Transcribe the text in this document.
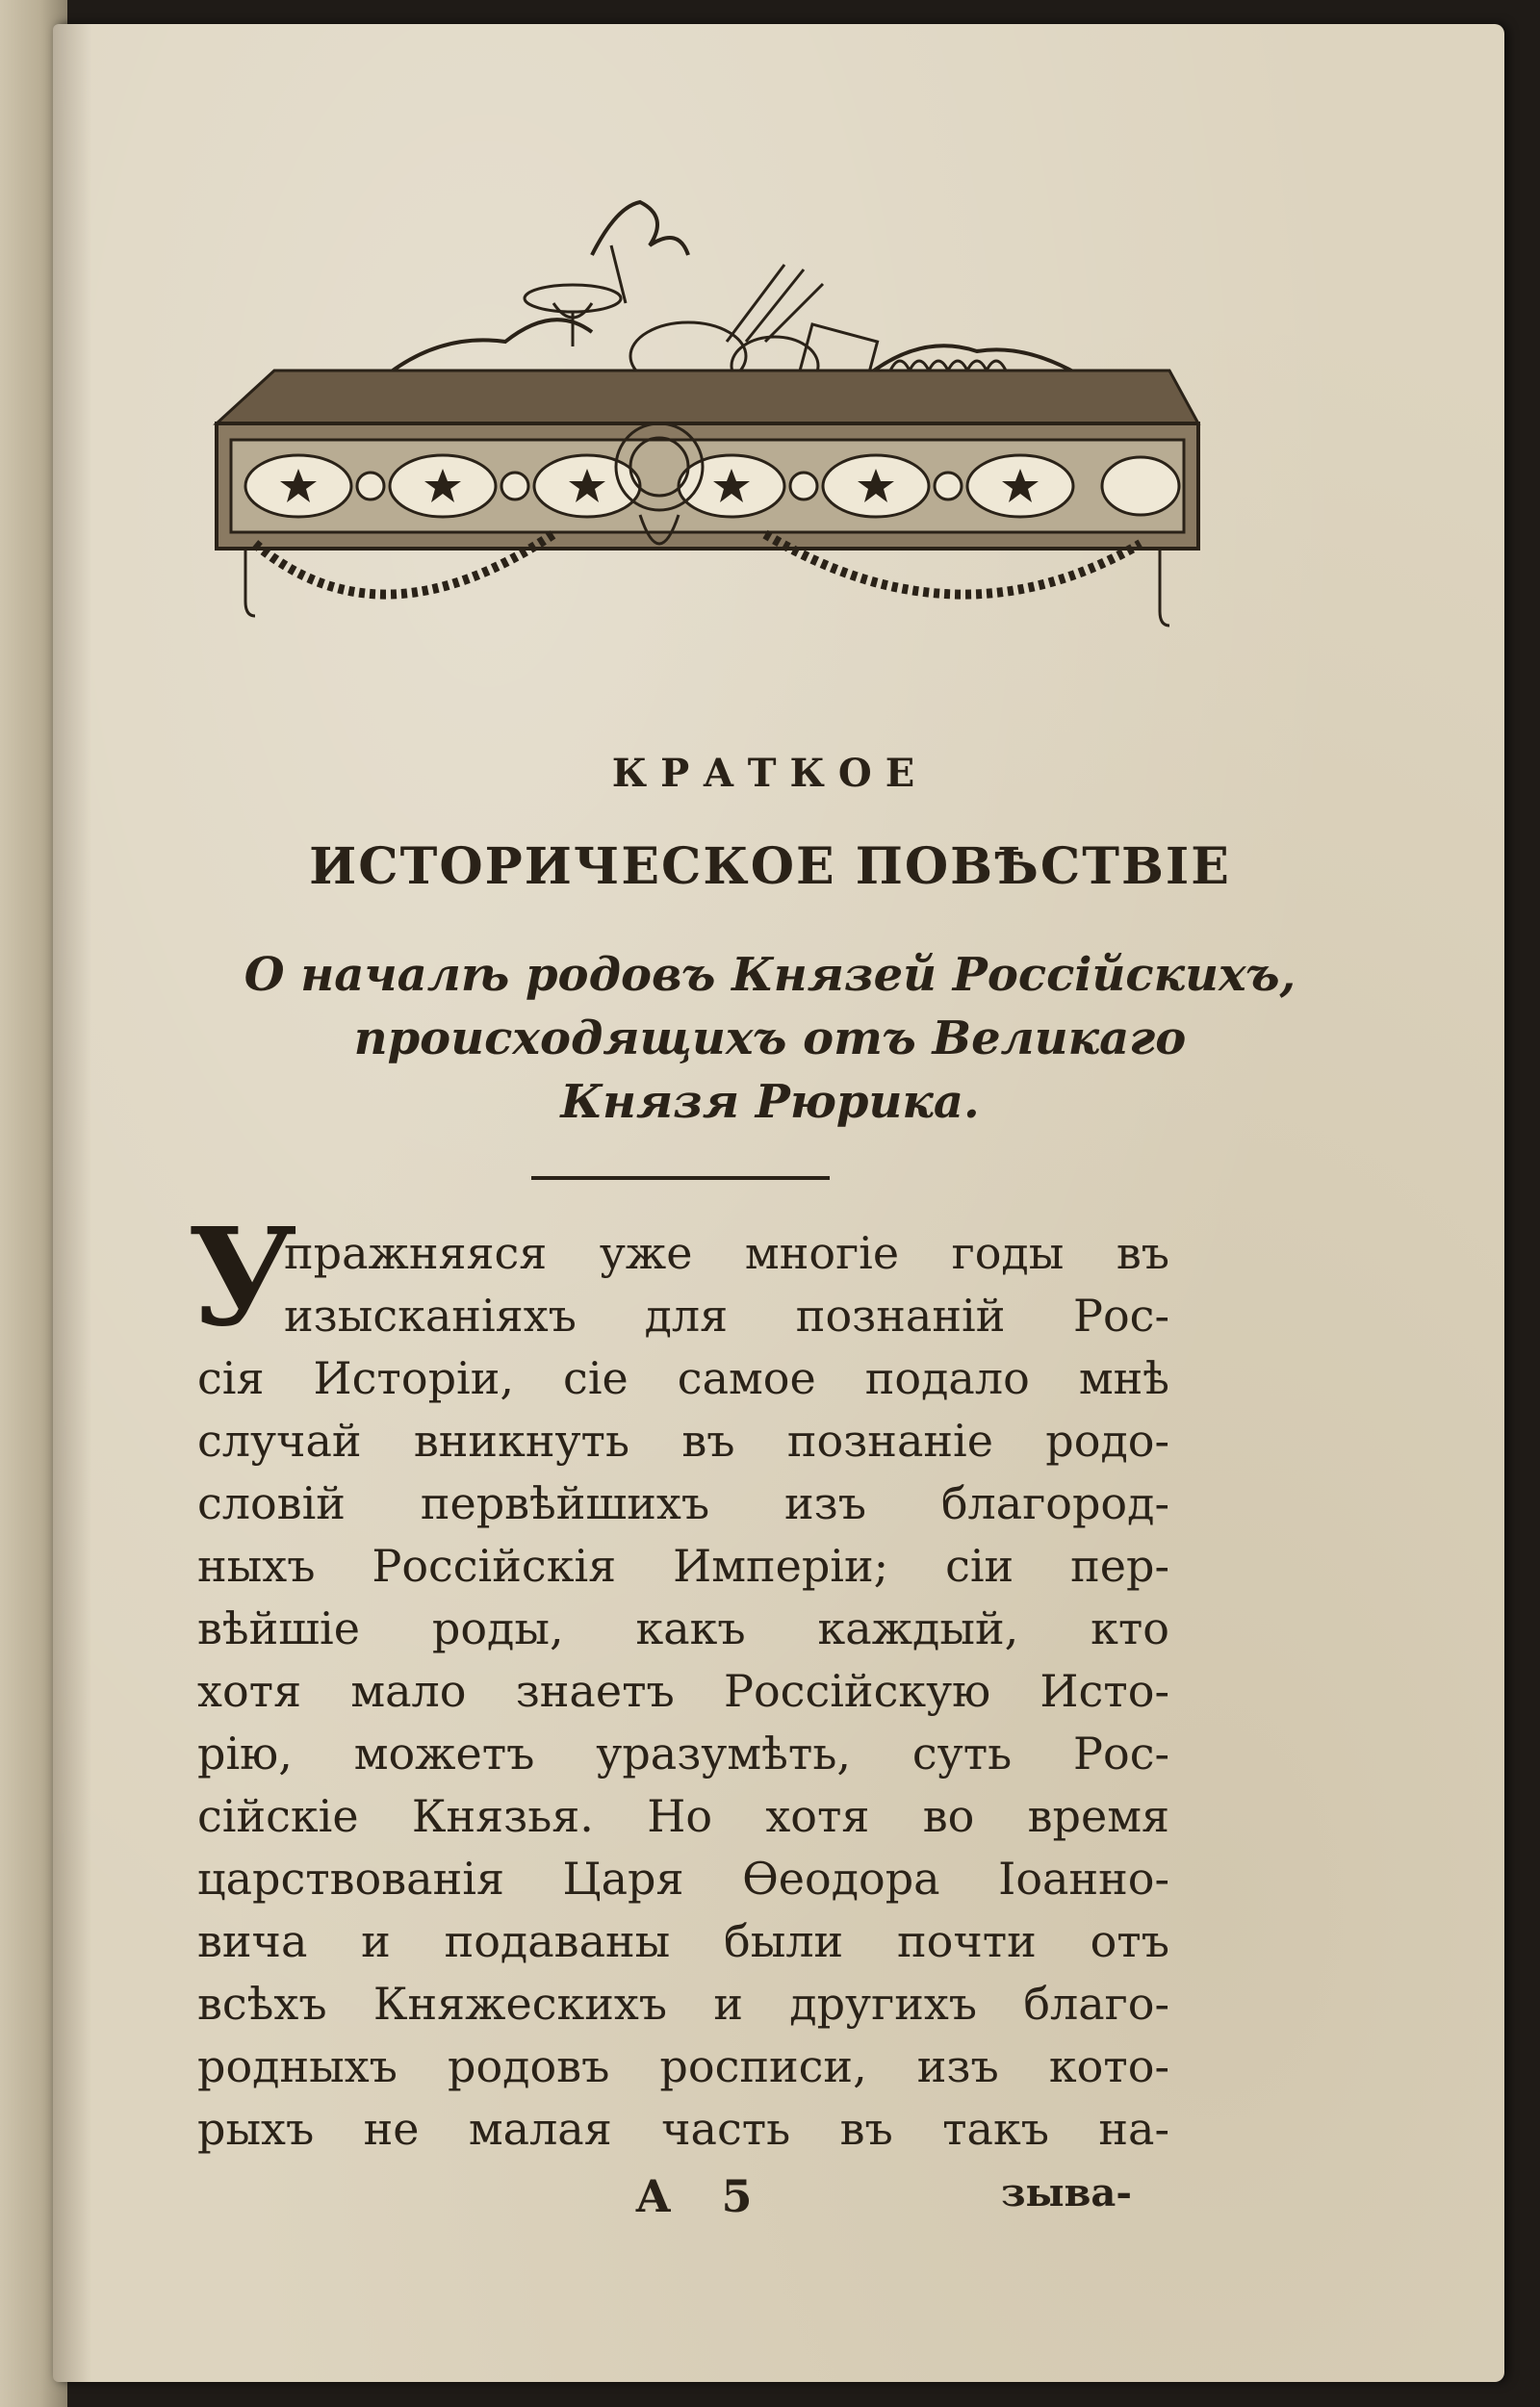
КРАТКОЕ
ИСТОРИЧЕСКОЕ ПОВѢСТВІЕ
О началѣ родовъ Князей Россійскихъ,
происходящихъ отъ Великаго
Князя Рюрика.
У
пражняяся уже многіе годы въ
изысканіяхъ для познаній Рос-
сія Исторіи, сіе самое подало мнѣ
случай вникнуть въ познаніе родо-
словій первѣйшихъ изъ благород-
ныхъ Россійскія Имперіи; сіи пер-
вѣйшіе роды, какъ каждый, кто
хотя мало знаетъ Россійскую Исто-
рію, можетъ уразумѣть, суть Рос-
сійскіе Князья. Но хотя во время
царствованія Царя Ѳеодора Іоанно-
вича и подаваны были почти отъ
всѣхъ Княжескихъ и другихъ благо-
родныхъ родовъ росписи, изъ кото-
рыхъ не малая часть въ такъ на-
А 5	зыва-
